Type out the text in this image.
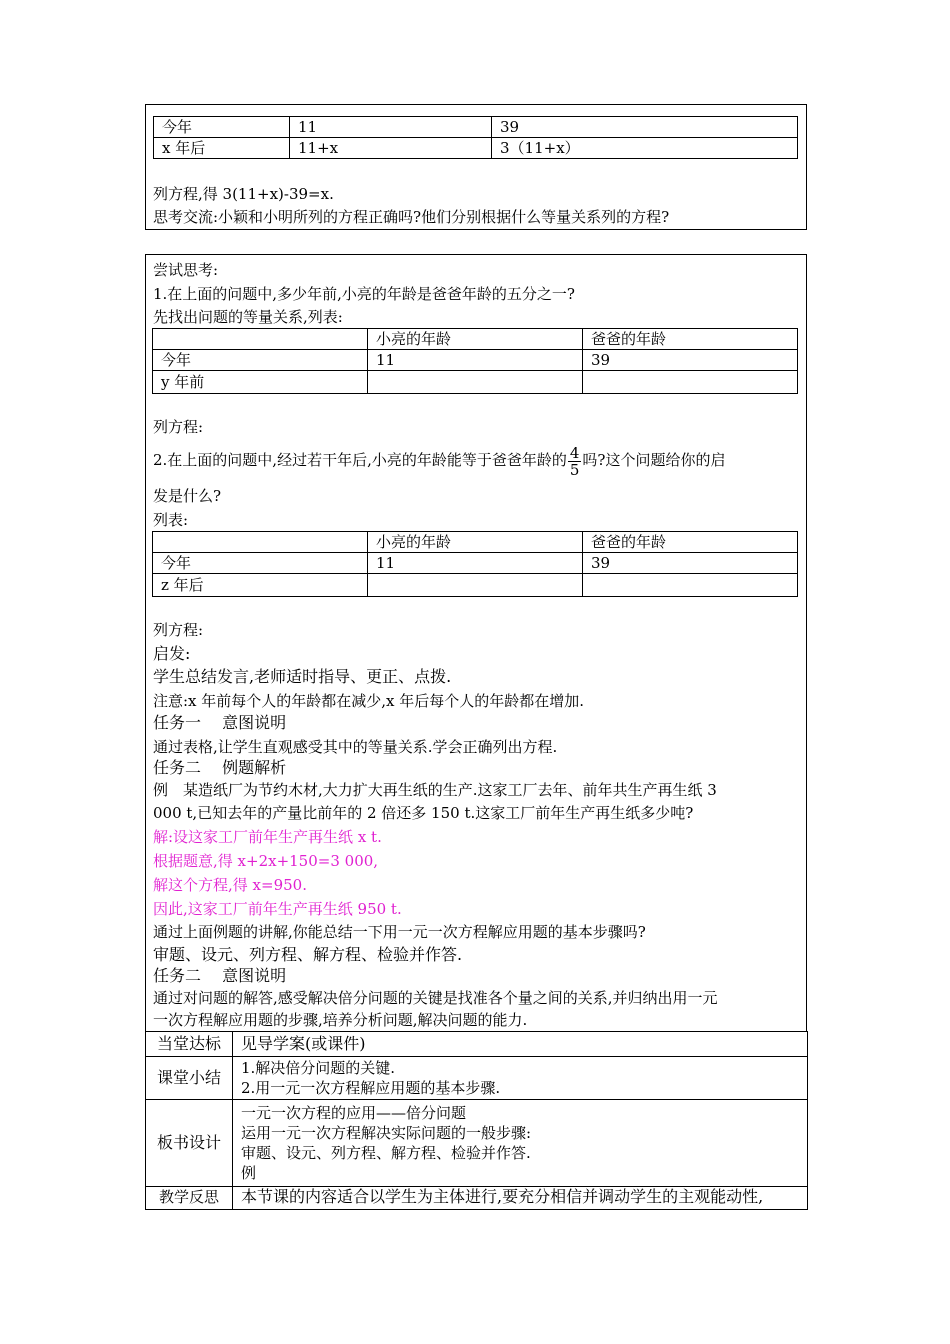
今年	11	39
x 年后	11+x	3（11+x）
列方程,得 3(11+x)-39=x.
思考交流:小颖和小明所列的方程正确吗?他们分别根据什么等量关系列的方程?
尝试思考:
1.在上面的问题中,多少年前,小亮的年龄是爸爸年龄的五分之一?
先找出问题的等量关系,列表:
	小亮的年龄	爸爸的年龄
今年	11	39
y 年前		
列方程:
2.在上面的问题中,经过若干年后,小亮的年龄能等于爸爸年龄的 $\frac{4}{5}$ 吗?这个问题给你的启
发是什么?
列表:
	小亮的年龄	爸爸的年龄
今年	11	39
z 年后		
列方程:
启发:
学生总结发言,老师适时指导、更正、点拨.
注意:x 年前每个人的年龄都在减少,x 年后每个人的年龄都在增加.
任务一　 意图说明
通过表格,让学生直观感受其中的等量关系.学会正确列出方程.
任务二　 例题解析
例　某造纸厂为节约木材,大力扩大再生纸的生产.这家工厂去年、前年共生产再生纸 3
000 t,已知去年的产量比前年的 2 倍还多 150 t.这家工厂前年生产再生纸多少吨?
解:设这家工厂前年生产再生纸 x t.
根据题意,得 x+2x+150=3 000,
解这个方程,得 x=950.
因此,这家工厂前年生产再生纸 950 t.
通过上面例题的讲解,你能总结一下用一元一次方程解应用题的基本步骤吗?
审题、设元、列方程、解方程、检验并作答.
任务二　 意图说明
通过对问题的解答,感受解决倍分问题的关键是找准各个量之间的关系,并归纳出用一元
一次方程解应用题的步骤,培养分析问题,解决问题的能力.
当堂达标	见导学案(或课件)
课堂小结	1.解决倍分问题的关键.
2.用一元一次方程解应用题的基本步骤.

板书设计	一元一次方程的应用——倍分问题
运用一元一次方程解决实际问题的一般步骤:
审题、设元、列方程、解方程、检验并作答.
例

教学反思	本节课的内容适合以学生为主体进行,要充分相信并调动学生的主观能动性,
